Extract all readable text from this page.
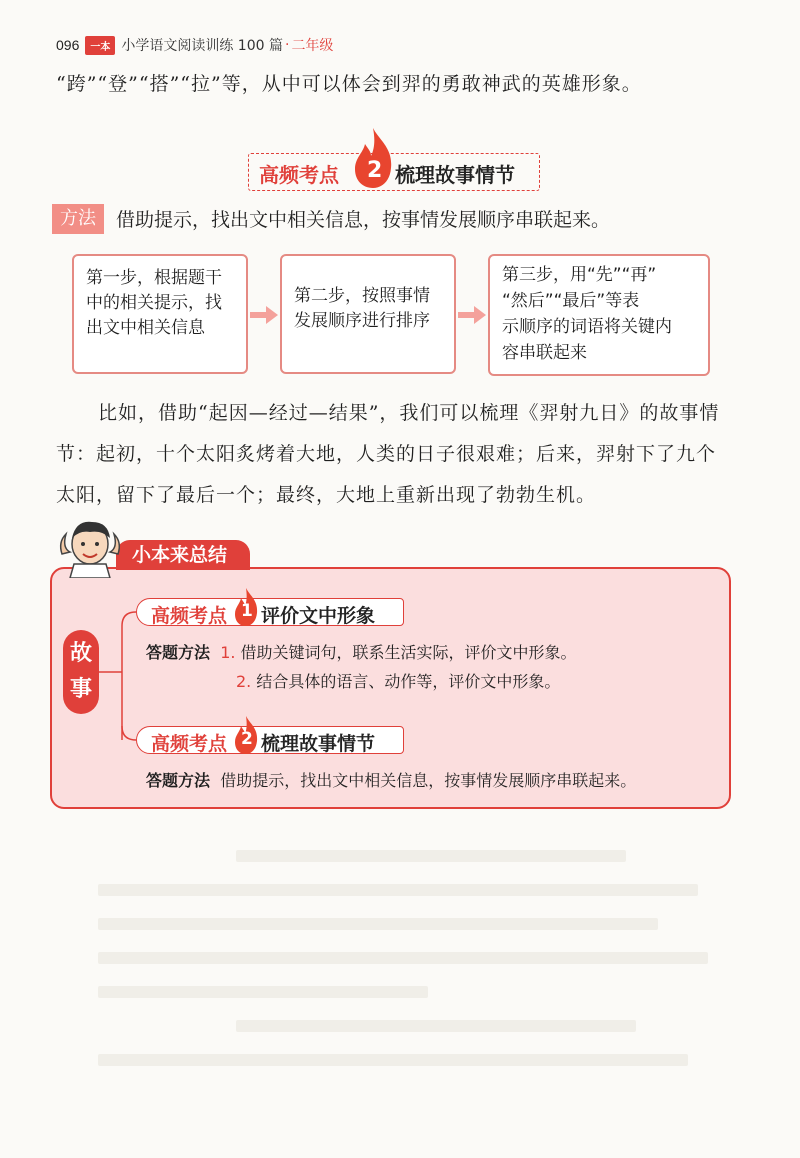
096	一本 小学语文阅读训练 100 篇 · 二年级
“跨”“登”“搭”“拉”等，从中可以体会到羿的勇敢神武的英雄形象。
高频考点 2 梳理故事情节
方法	借助提示，找出文中相关信息，按事情发展顺序串联起来。
第一步，根据题干
中的相关提示，找
出文中相关信息
第二步，按照事情
发展顺序进行排序
第三步，用“先”“再”
“然后”“最后”等表
示顺序的词语将关键内
容串联起来
比如，借助“起因—经过—结果”，我们可以梳理《羿射九日》的故事情
节：起初，十个太阳炙烤着大地，人类的日子很艰难；后来，羿射下了九个
太阳，留下了最后一个；最终，大地上重新出现了勃勃生机。
小本来总结
故
事
高频考点 1 评价文中形象
答题方法 1. 借助关键词句，联系生活实际，评价文中形象。
2. 结合具体的语言、动作等，评价文中形象。
高频考点 2 梳理故事情节
答题方法 借助提示，找出文中相关信息，按事情发展顺序串联起来。
